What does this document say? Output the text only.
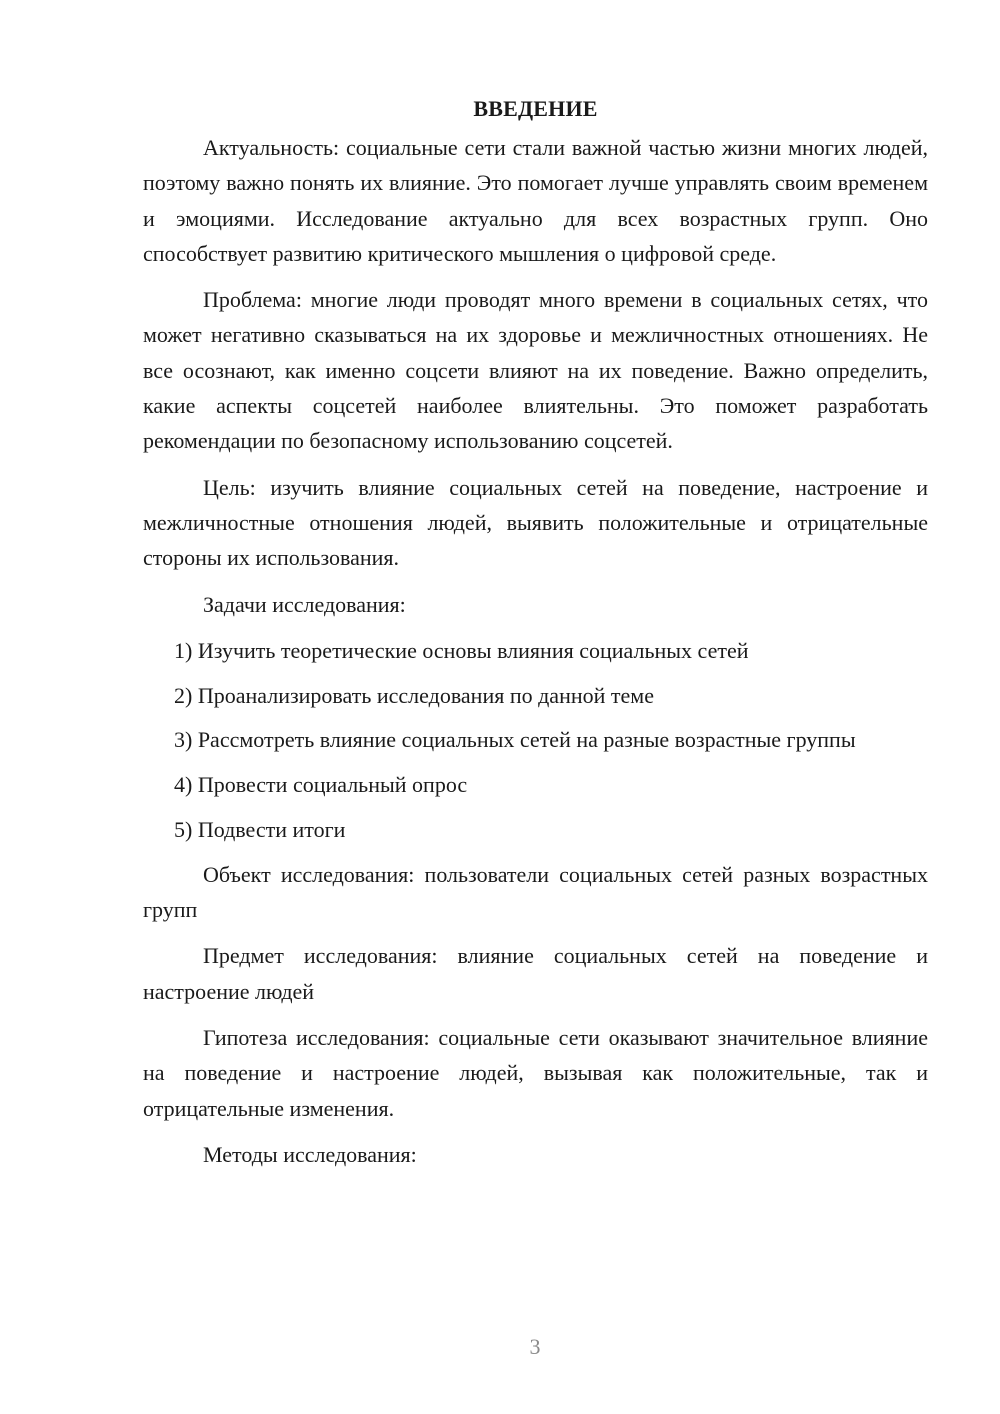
ВВЕДЕНИЕ

Актуальность: социальные сети стали важной частью жизни многих людей, поэтому важно понять их влияние. Это помогает лучше управлять своим временем и эмоциями. Исследование актуально для всех возрастных групп. Оно способствует развитию критического мышления о цифровой среде.

Проблема: многие люди проводят много времени в социальных сетях, что может негативно сказываться на их здоровье и межличностных отношениях. Не все осознают, как именно соцсети влияют на их поведение. Важно определить, какие аспекты соцсетей наиболее влиятельны. Это поможет разработать рекомендации по безопасному использованию соцсетей.

Цель: изучить влияние социальных сетей на поведение, настроение и межличностные отношения людей, выявить положительные и отрицательные стороны их использования.

Задачи исследования:

1) Изучить теоретические основы влияния социальных сетей

2) Проанализировать исследования по данной теме

3) Рассмотреть влияние социальных сетей на разные возрастные группы

4) Провести социальный опрос

5) Подвести итоги

Объект исследования: пользователи социальных сетей разных возрастных групп

Предмет исследования: влияние социальных сетей на поведение и настроение людей

Гипотеза исследования: социальные сети оказывают значительное влияние на поведение и настроение людей, вызывая как положительные, так и отрицательные изменения.

Методы исследования:

3
